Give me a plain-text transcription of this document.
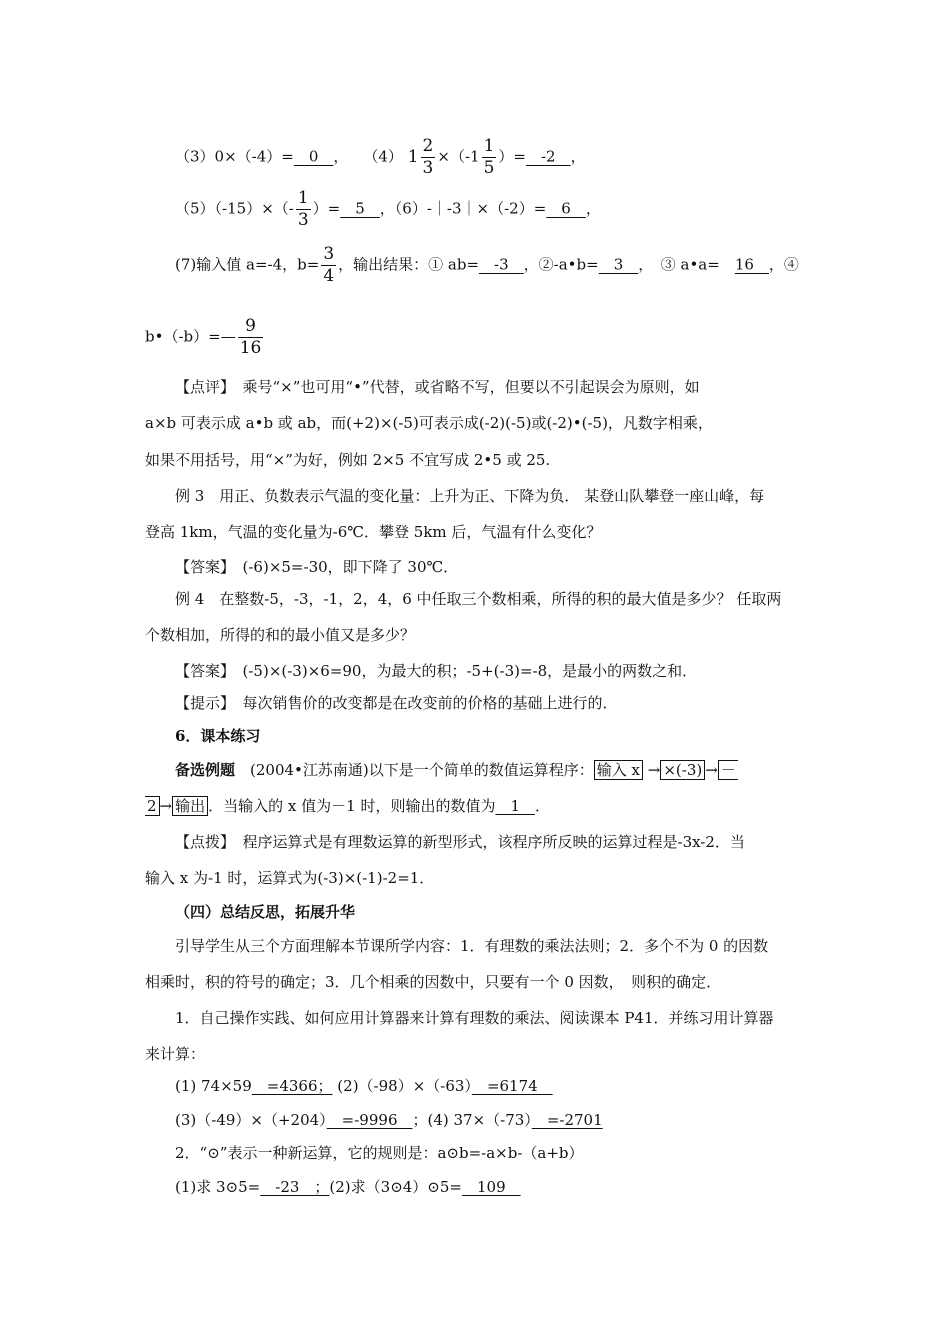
（3）0×（-4）=　0　，　　（4） $1 \frac{2}{3} \times(-1 \frac{1}{5}$ ）=　-2　，
$(5)(-15)\times(- \frac{1}{3}$ ）=　5　，（6）-｜-3｜×（-2）=　6　，
(7)输入值 a=-4，$b= \frac{3}{4}$ ，输出结果：① ab=　-3　，②-a•b=　3　，　③ a•a=　16　，④
b•（-b）=— $\frac{9}{16}$
【点评】　乘号“×”也可用“•”代替，或省略不写，但要以不引起误会为原则，如
a×b 可表示成 a•b 或 ab，而(+2)×(-5)可表示成(-2)(-5)或(-2)•(-5)，凡数字相乘，
如果不用括号，用“×”为好，例如 2×5 不宜写成 2•5 或 25.
例 3　用正、负数表示气温的变化量：上升为正、下降为负． 某登山队攀登一座山峰，每
登高 1km，气温的变化量为-6℃．攀登 5km 后，气温有什么变化？
【答案】　(-6)×5=-30，即下降了 30℃．
例 4　在整数-5，-3，-1，2，4，6 中任取三个数相乘，所得的积的最大值是多少？ 任取两
个数相加，所得的和的最小值又是多少？
【答案】　(-5)×(-3)×6=90，为最大的积；-5+(-3)=-8，是最小的两数之和．
【提示】　每次销售价的改变都是在改变前的价格的基础上进行的．
6．课本练习
备选例题　(2004•江苏南通)以下是一个简单的数值运算程序： 输入 x → ×(-3) → －
2 → 输出 ．当输入的 x 值为－1 时，则输出的数值为　1　．
【点拨】　程序运算式是有理数运算的新型形式，该程序所反映的运算过程是-3x-2．当
输入 x 为-1 时，运算式为(-3)×(-1)-2=1．
（四）总结反思，拓展升华
引导学生从三个方面理解本节课所学内容：1．有理数的乘法法则；2．多个不为 0 的因数
相乘时，积的符号的确定；3．几个相乘的因数中，只要有一个 0 因数，　则积的确定．
1．自己操作实践、如何应用计算器来计算有理数的乘法、阅读课本 P41．并练习用计算器
来计算：
(1) 74×59　=4366； (2)（-98）×（-63）　=6174　
(3)（-49）×（+204）　=-9996　；(4) 37×（-73）　=-2701
2．“⊙”表示一种新运算，它的规则是：a⊙b=-a×b-（a+b）
(1)求 3⊙5=　-23　；(2)求（3⊙4）⊙5=　109　
